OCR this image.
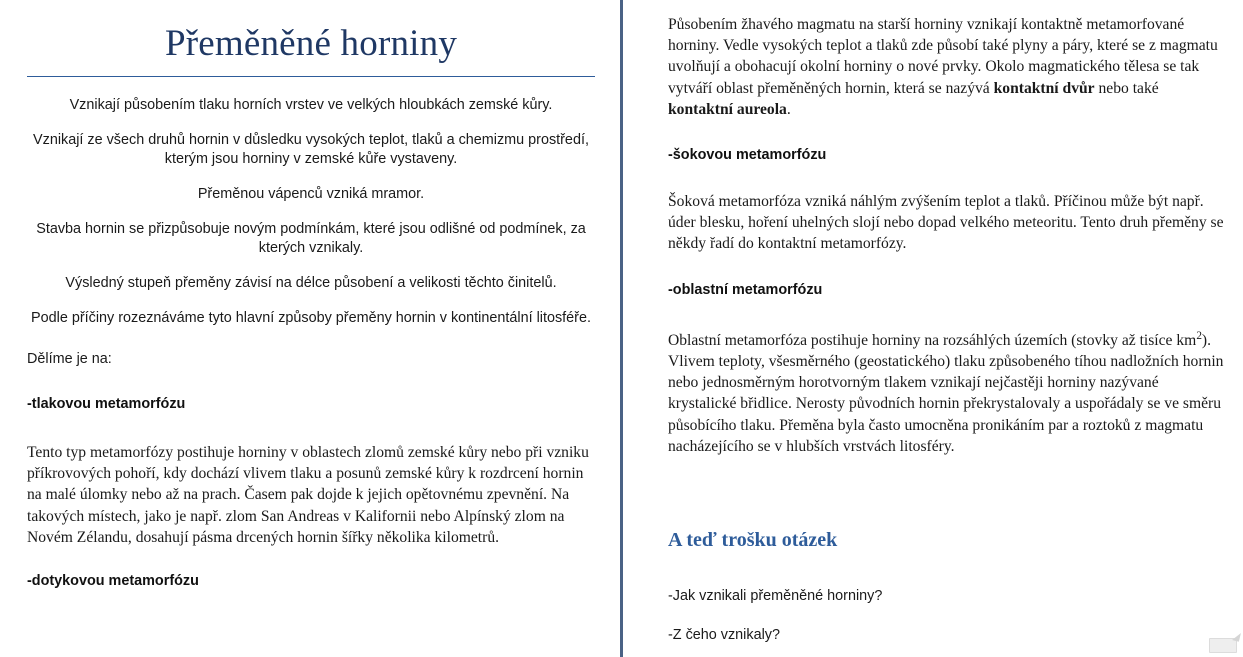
Přeměněné horniny

Vznikají působením tlaku horních vrstev ve velkých hloubkách zemské kůry.

Vznikají ze všech druhů hornin v důsledku vysokých teplot, tlaků a chemizmu prostředí, kterým jsou horniny v zemské kůře vystaveny.

Přeměnou vápenců vzniká mramor.

Stavba hornin se přizpůsobuje novým podmínkám, které jsou odlišné od podmínek, za kterých vznikaly.

Výsledný stupeň přeměny závisí na délce působení a velikosti těchto činitelů.

Podle příčiny rozeznáváme tyto hlavní způsoby přeměny hornin v kontinentální litosféře.

Dělíme je na:

-tlakovou metamorfózu

Tento typ metamorfózy postihuje horniny v oblastech zlomů zemské kůry nebo při vzniku příkrovových pohoří, kdy dochází vlivem tlaku a posunů zemské kůry k rozdrcení hornin na malé úlomky nebo až na prach. Časem pak dojde k jejich opětovnému zpevnění. Na takových místech, jako je např. zlom San Andreas v Kalifornii nebo Alpínský zlom na Novém Zélandu, dosahují pásma drcených hornin šířky několika kilometrů.

-dotykovou metamorfózu

Působením žhavého magmatu na starší horniny vznikají kontaktně metamorfované horniny. Vedle vysokých teplot a tlaků zde působí také plyny a páry, které se z magmatu uvolňují a obohacují okolní horniny o nové prvky. Okolo magmatického tělesa se tak vytváří oblast přeměněných hornin, která se nazývá kontaktní dvůr nebo také kontaktní aureola.

-šokovou metamorfózu

Šoková metamorfóza vzniká náhlým zvýšením teplot a tlaků. Příčinou může být např. úder blesku, hoření uhelných slojí nebo dopad velkého meteoritu. Tento druh přeměny se někdy řadí do kontaktní metamorfózy.

-oblastní metamorfózu

Oblastní metamorfóza postihuje horniny na rozsáhlých územích (stovky až tisíce $km^2$). Vlivem teploty, všesměrného (geostatického) tlaku způsobeného tíhou nadložních hornin nebo jednosměrným horotvorným tlakem vznikají nejčastěji horniny nazývané krystalické břidlice. Nerosty původních hornin překrystalovaly a uspořádaly se ve směru působícího tlaku. Přeměna byla často umocněna pronikáním par a roztoků z magmatu nacházejícího se v hlubších vrstvách litosféry.

A teď trošku otázek

-Jak vznikali přeměněné horniny?

-Z čeho vznikaly?
